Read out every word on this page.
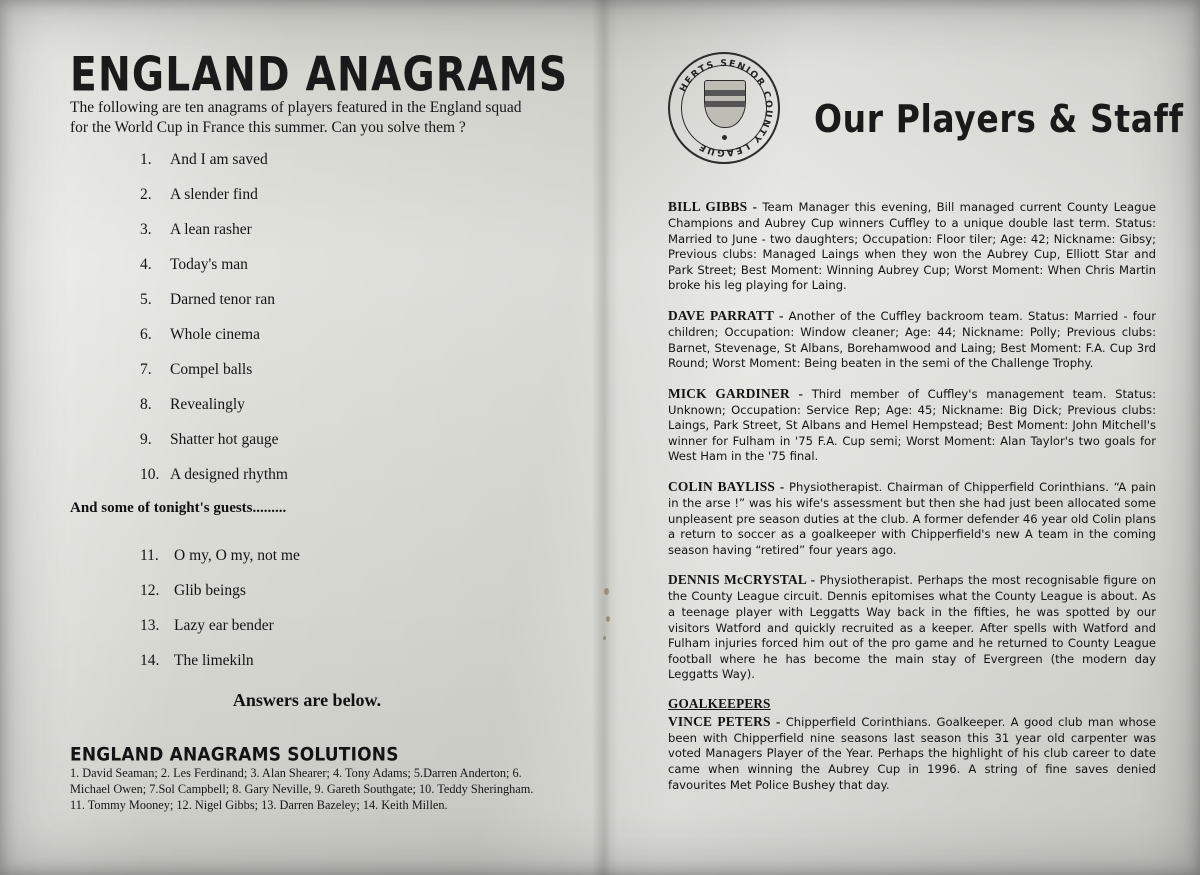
ENGLAND ANAGRAMS
The following are ten anagrams of players featured in the England squad for the World Cup in France this summer. Can you solve them ?
1.	And I am saved
2.	A slender find
3.	A lean rasher
4.	Today's man
5.	Darned tenor ran
6.	Whole cinema
7.	Compel balls
8.	Revealingly
9.	Shatter hot gauge
10. A designed rhythm
And some of tonight's guests.........
11. O my, O my, not me
12. Glib beings
13. Lazy ear bender
14. The limekiln
Answers are below.
ENGLAND ANAGRAMS SOLUTIONS
1. David Seaman; 2. Les Ferdinand; 3. Alan Shearer; 4. Tony Adams; 5.Darren Anderton; 6. Michael Owen; 7.Sol Campbell; 8. Gary Neville, 9. Gareth Southgate; 10. Teddy Sheringham. 11. Tommy Mooney; 12. Nigel Gibbs; 13. Darren Bazeley; 14. Keith Millen.
HERTS SENIOR COUNTY LEAGUE
Our Players & Staff
BILL GIBBS - Team Manager this evening, Bill managed current County League Champions and Aubrey Cup winners Cuffley to a unique double last term. Status: Married to June - two daughters; Occupation: Floor tiler; Age: 42; Nickname: Gibsy; Previous clubs: Managed Laings when they won the Aubrey Cup, Elliott Star and Park Street; Best Moment: Winning Aubrey Cup; Worst Moment: When Chris Martin broke his leg playing for Laing.
DAVE PARRATT - Another of the Cuffley backroom team. Status: Married - four children; Occupation: Window cleaner; Age: 44; Nickname: Polly; Previous clubs: Barnet, Stevenage, St Albans, Borehamwood and Laing; Best Moment: F.A. Cup 3rd Round; Worst Moment: Being beaten in the semi of the Challenge Trophy.
MICK GARDINER - Third member of Cuffley's management team. Status: Unknown; Occupation: Service Rep; Age: 45; Nickname: Big Dick; Previous clubs: Laings, Park Street, St Albans and Hemel Hempstead; Best Moment: John Mitchell's winner for Fulham in '75 F.A. Cup semi; Worst Moment: Alan Taylor's two goals for West Ham in the '75 final.
COLIN BAYLISS - Physiotherapist. Chairman of Chipperfield Corinthians. “A pain in the arse !” was his wife's assessment but then she had just been allocated some unpleasent pre season duties at the club. A former defender 46 year old Colin plans a return to soccer as a goalkeeper with Chipperfield's new A team in the coming season having “retired” four years ago.
DENNIS McCRYSTAL - Physiotherapist. Perhaps the most recognisable figure on the County League circuit. Dennis epitomises what the County League is about. As a teenage player with Leggatts Way back in the fifties, he was spotted by our visitors Watford and quickly recruited as a keeper. After spells with Watford and Fulham injuries forced him out of the pro game and he returned to County League football where he has become the main stay of Evergreen (the modern day Leggatts Way).
GOALKEEPERS
VINCE PETERS - Chipperfield Corinthians. Goalkeeper. A good club man whose been with Chipperfield nine seasons last season this 31 year old carpenter was voted Managers Player of the Year. Perhaps the highlight of his club career to date came when winning the Aubrey Cup in 1996. A string of fine saves denied favourites Met Police Bushey that day.
